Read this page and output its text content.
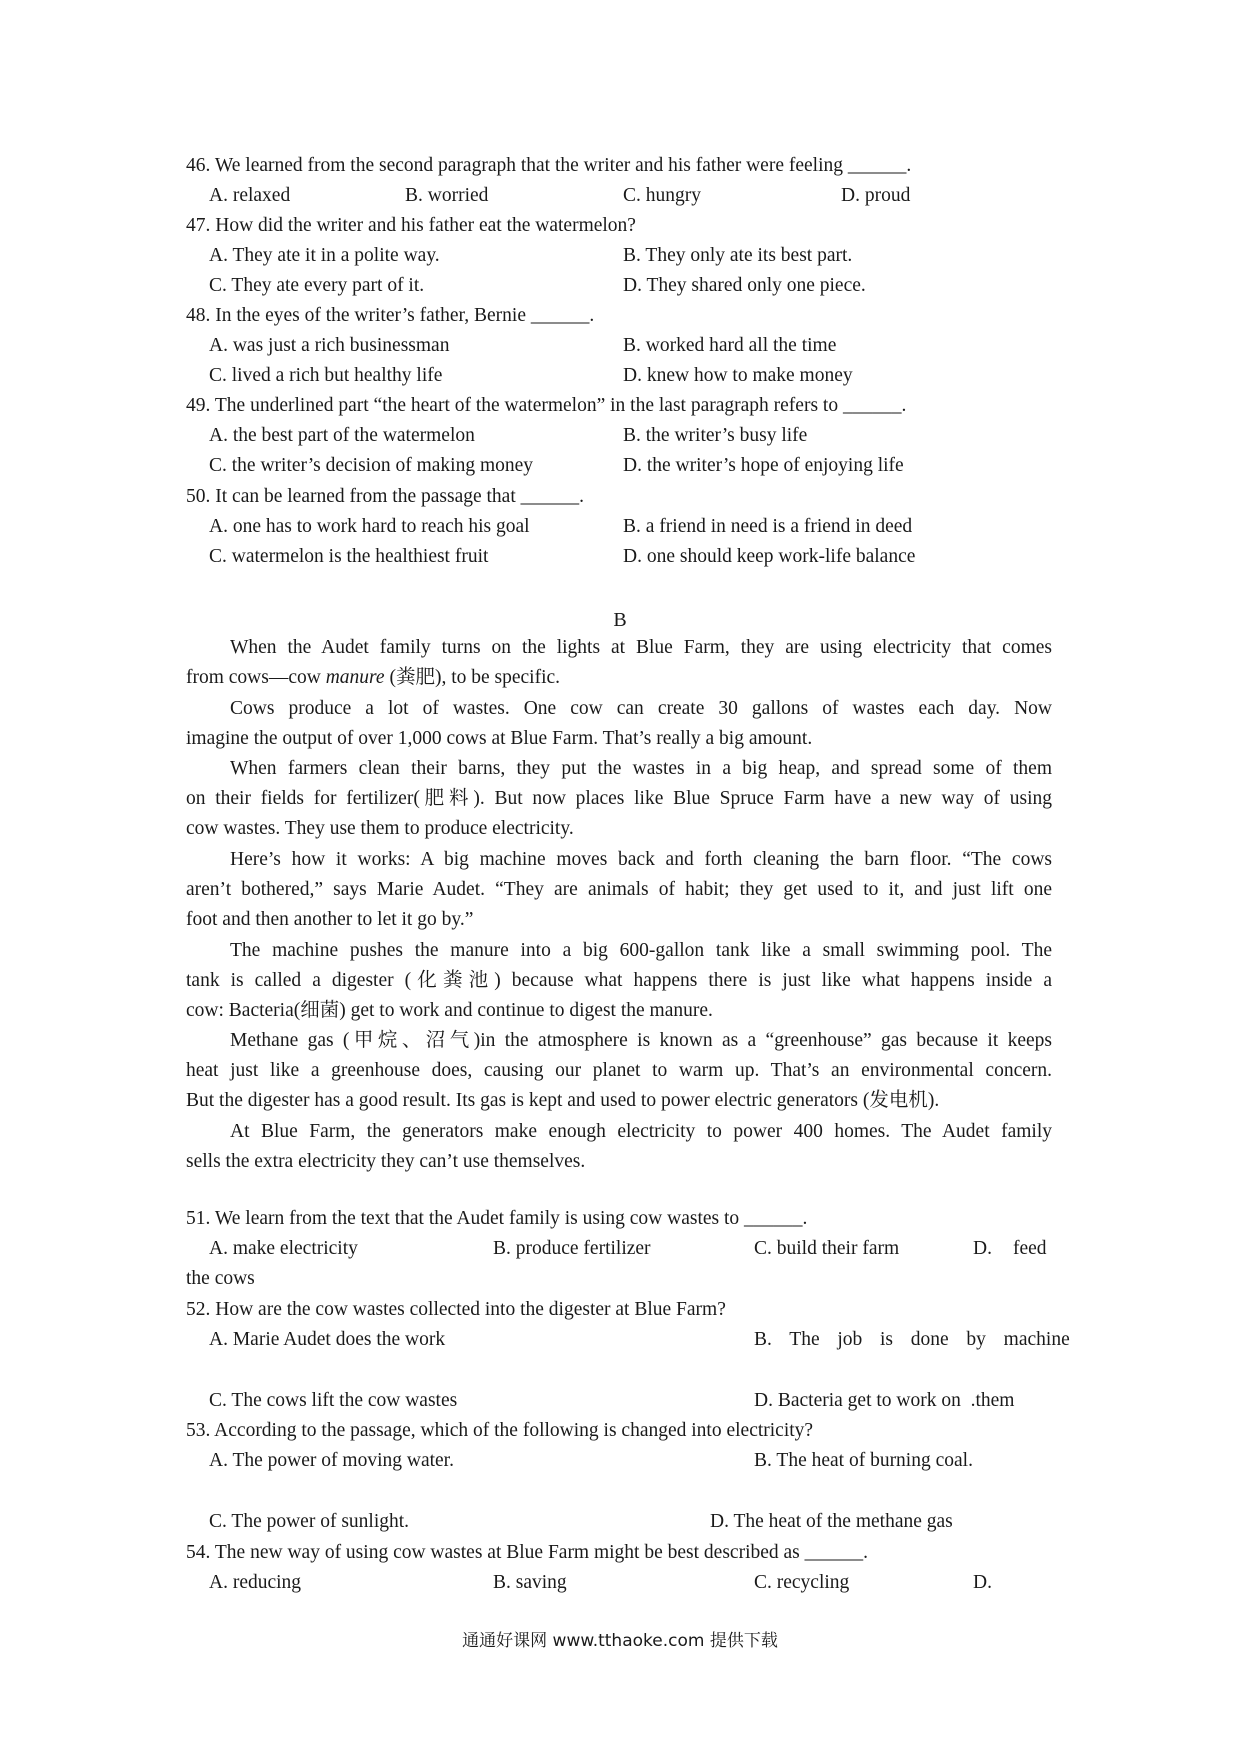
46. We learned from the second paragraph that the writer and his father were feeling ______.
A. relaxed	B. worried	C. hungry	D. proud
47. How did the writer and his father eat the watermelon?
A. They ate it in a polite way.	B. They only ate its best part.
C. They ate every part of it.	D. They shared only one piece.
48. In the eyes of the writer’s father, Bernie ______.
A. was just a rich businessman	B. worked hard all the time
C. lived a rich but healthy life	D. knew how to make money
49. The underlined part “the heart of the watermelon” in the last paragraph refers to ______.
A. the best part of the watermelon	B. the writer’s busy life
C. the writer’s decision of making money	D. the writer’s hope of enjoying life
50. It can be learned from the passage that ______.
A. one has to work hard to reach his goal	B. a friend in need is a friend in deed
C. watermelon is the healthiest fruit	D. one should keep work-life balance
B
When the Audet family turns on the lights at Blue Farm, they are using electricity that comes
from cows—cow manure (粪肥), to be specific.
Cows produce a lot of wastes. One cow can create 30 gallons of wastes each day. Now
imagine the output of over 1,000 cows at Blue Farm. That’s really a big amount.
When farmers clean their barns, they put the wastes in a big heap, and spread some of them
on their fields for fertilizer(肥料). But now places like Blue Spruce Farm have a new way of using
cow wastes. They use them to produce electricity.
Here’s how it works: A big machine moves back and forth cleaning the barn floor. “The cows
aren’t bothered,” says Marie Audet. “They are animals of habit; they get used to it, and just lift one
foot and then another to let it go by.”
The machine pushes the manure into a big 600-gallon tank like a small swimming pool. The
tank is called a digester (化粪池) because what happens there is just like what happens inside a
cow: Bacteria(细菌) get to work and continue to digest the manure.
Methane gas (甲烷、沼气)in the atmosphere is known as a “greenhouse” gas because it keeps
heat just like a greenhouse does, causing our planet to warm up. That’s an environmental concern.
But the digester has a good result. Its gas is kept and used to power electric generators (发电机).
At Blue Farm, the generators make enough electricity to power 400 homes. The Audet family
sells the extra electricity they can’t use themselves.
51. We learn from the text that the Audet family is using cow wastes to ______.
A. make electricity	B. produce fertilizer	C. build their farm	D. feed
the cows
52. How are the cow wastes collected into the digester at Blue Farm?
A. Marie Audet does the work	B.  The  job  is  done  by  machine
C. The cows lift the cow wastes	D. Bacteria get to work on  .them
53. According to the passage, which of the following is changed into electricity?
A. The power of moving water.	B. The heat of burning coal.
C. The power of sunlight.	D. The heat of the methane gas
54. The new way of using cow wastes at Blue Farm might be best described as ______.
A. reducing	B. saving	C. recycling	D.
通通好课网 www.tthaoke.com 提供下载
